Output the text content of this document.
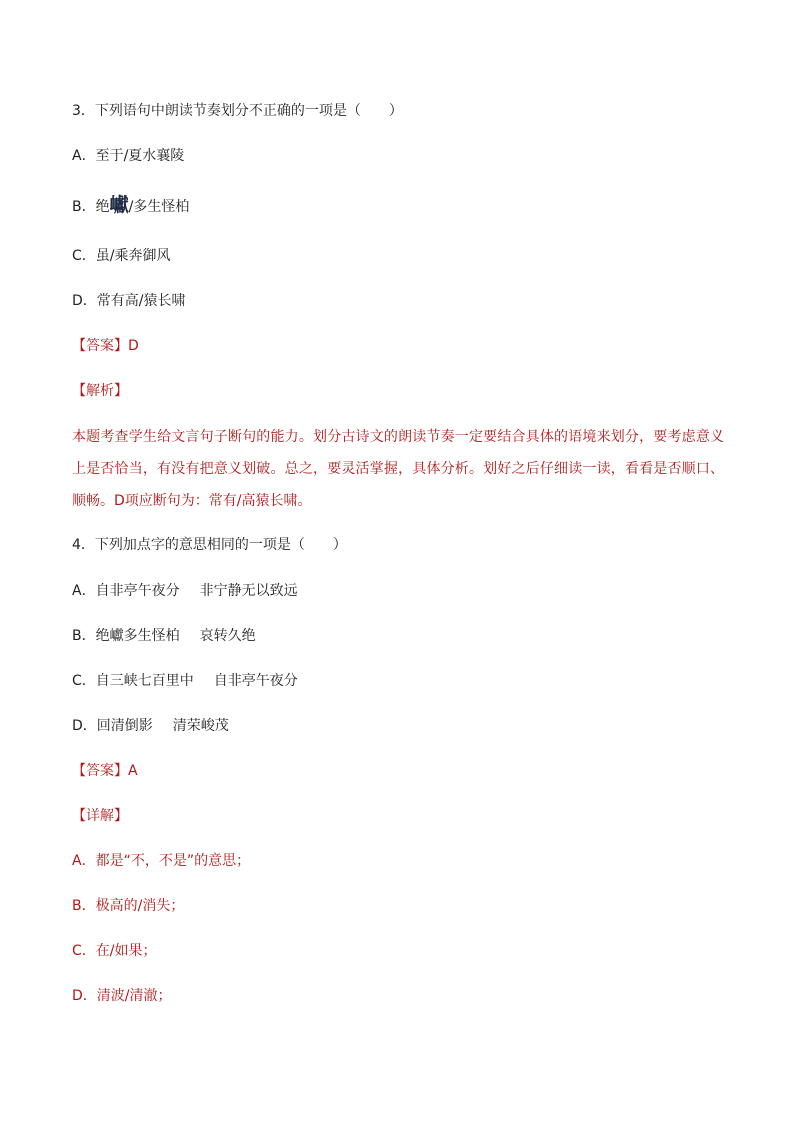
3．下列语句中朗读节奏划分不正确的一项是（　　）
A．至于/夏水襄陵
B．绝巘/多生怪柏
C．虽/乘奔御风
D．常有高/猿长啸
【答案】D
【解析】
本题考查学生给文言句子断句的能力。划分古诗文的朗读节奏一定要结合具体的语境来划分，要考虑意义上是否恰当，有没有把意义划破。总之，要灵活掌握，具体分析。划好之后仔细读一读，看看是否顺口、顺畅。D项应断句为：常有/高猿长啸。
4．下列加点字的意思相同的一项是（　　）
A．自非亭午夜分 非宁静无以致远
B．绝巘多生怪柏 哀转久绝
C．自三峡七百里中 自非亭午夜分
D．回清倒影 清荣峻茂
【答案】A
【详解】
A．都是“不，不是”的意思；
B．极高的/消失；
C．在/如果；
D．清波/清澈；
